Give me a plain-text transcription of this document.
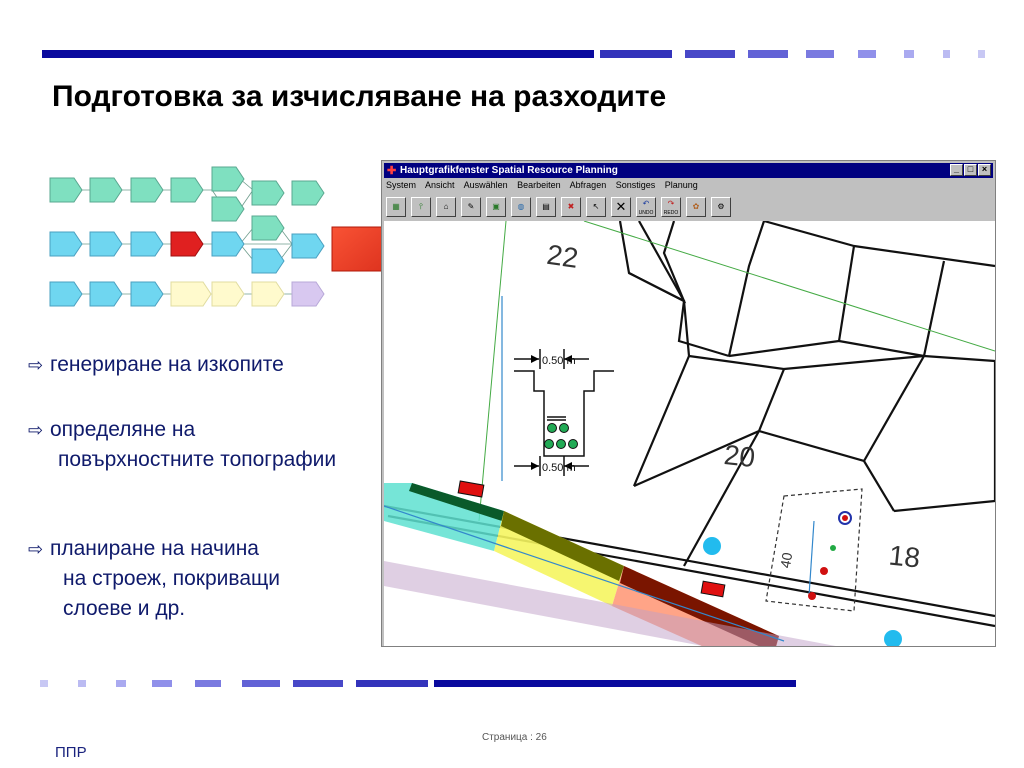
Подготовка за изчисляване на разходите
⇨ генериране на изкопите
⇨ определяне на
повърхностните топографии
✚ Hauptgrafikfenster Spatial Resource Planning	_ □ ×
System Ansicht Auswählen Bearbeiten Abfragen Sonstiges Planung
▦	⫯	⌂	✎	▣	◍	▤	✖	↖	✕	↶
UNDO
↷
REDO
✿	⚙
22
20
18
40
0.50 m
0.50 m
⇨ планиране на начина
на строеж, покриващи
слоеве и др.
Страница : 26
ППР
